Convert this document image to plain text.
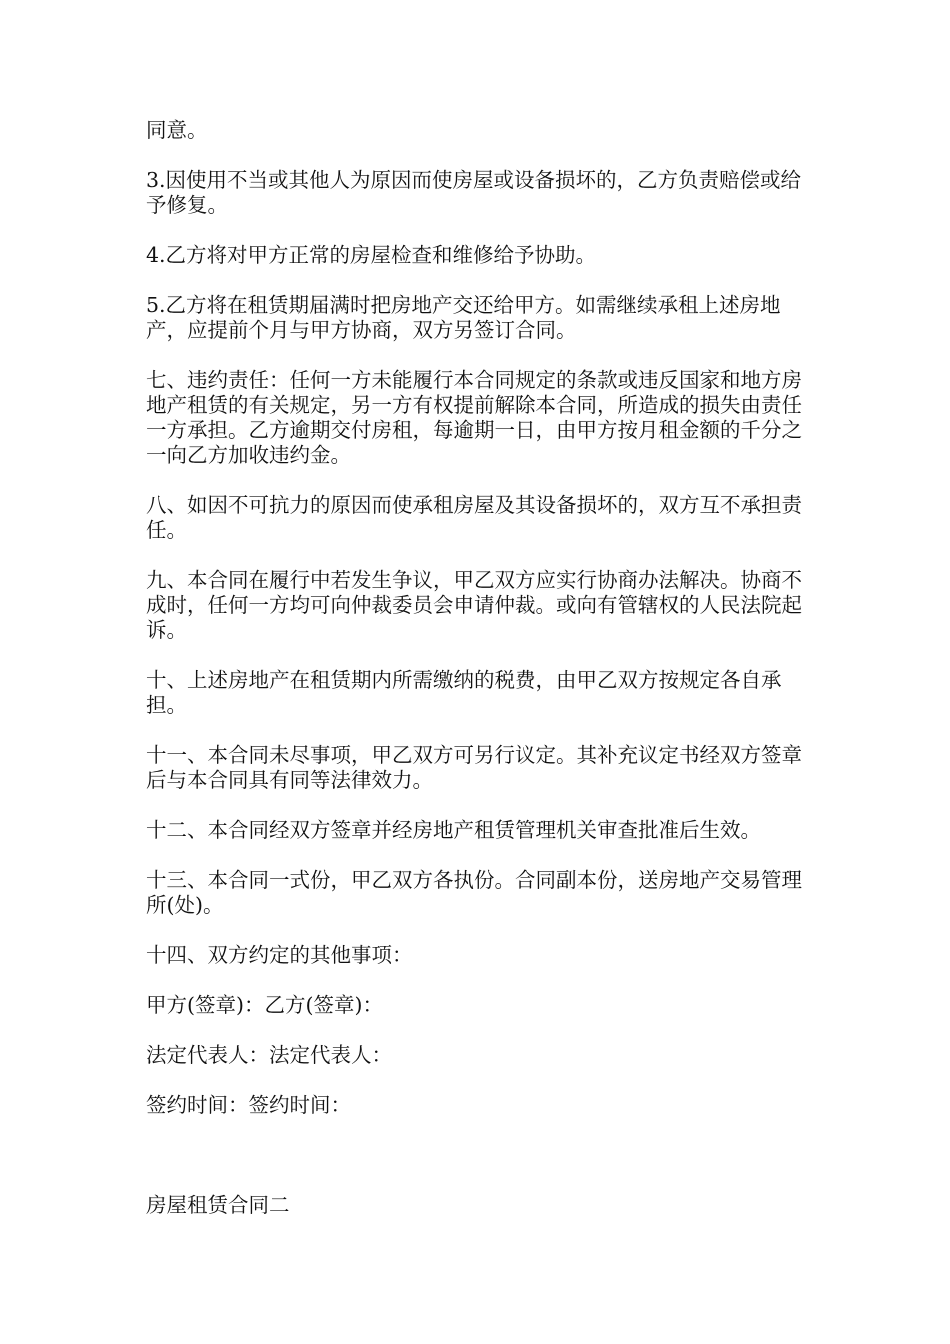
同意。

3.因使用不当或其他人为原因而使房屋或设备损坏的，乙方负责赔偿或给予修复。

4.乙方将对甲方正常的房屋检查和维修给予协助。

5.乙方将在租赁期届满时把房地产交还给甲方。如需继续承租上述房地产，应提前个月与甲方协商，双方另签订合同。

七、违约责任：任何一方未能履行本合同规定的条款或违反国家和地方房地产租赁的有关规定，另一方有权提前解除本合同，所造成的损失由责任一方承担。乙方逾期交付房租，每逾期一日，由甲方按月租金额的千分之一向乙方加收违约金。

八、如因不可抗力的原因而使承租房屋及其设备损坏的，双方互不承担责任。

九、本合同在履行中若发生争议，甲乙双方应实行协商办法解决。协商不成时，任何一方均可向仲裁委员会申请仲裁。或向有管辖权的人民法院起诉。

十、上述房地产在租赁期内所需缴纳的税费，由甲乙双方按规定各自承担。

十一、本合同未尽事项，甲乙双方可另行议定。其补充议定书经双方签章后与本合同具有同等法律效力。

十二、本合同经双方签章并经房地产租赁管理机关审查批准后生效。

十三、本合同一式份，甲乙双方各执份。合同副本份，送房地产交易管理所(处)。

十四、双方约定的其他事项：

甲方(签章)：乙方(签章)：

法定代表人：法定代表人：

签约时间：签约时间：

房屋租赁合同二
